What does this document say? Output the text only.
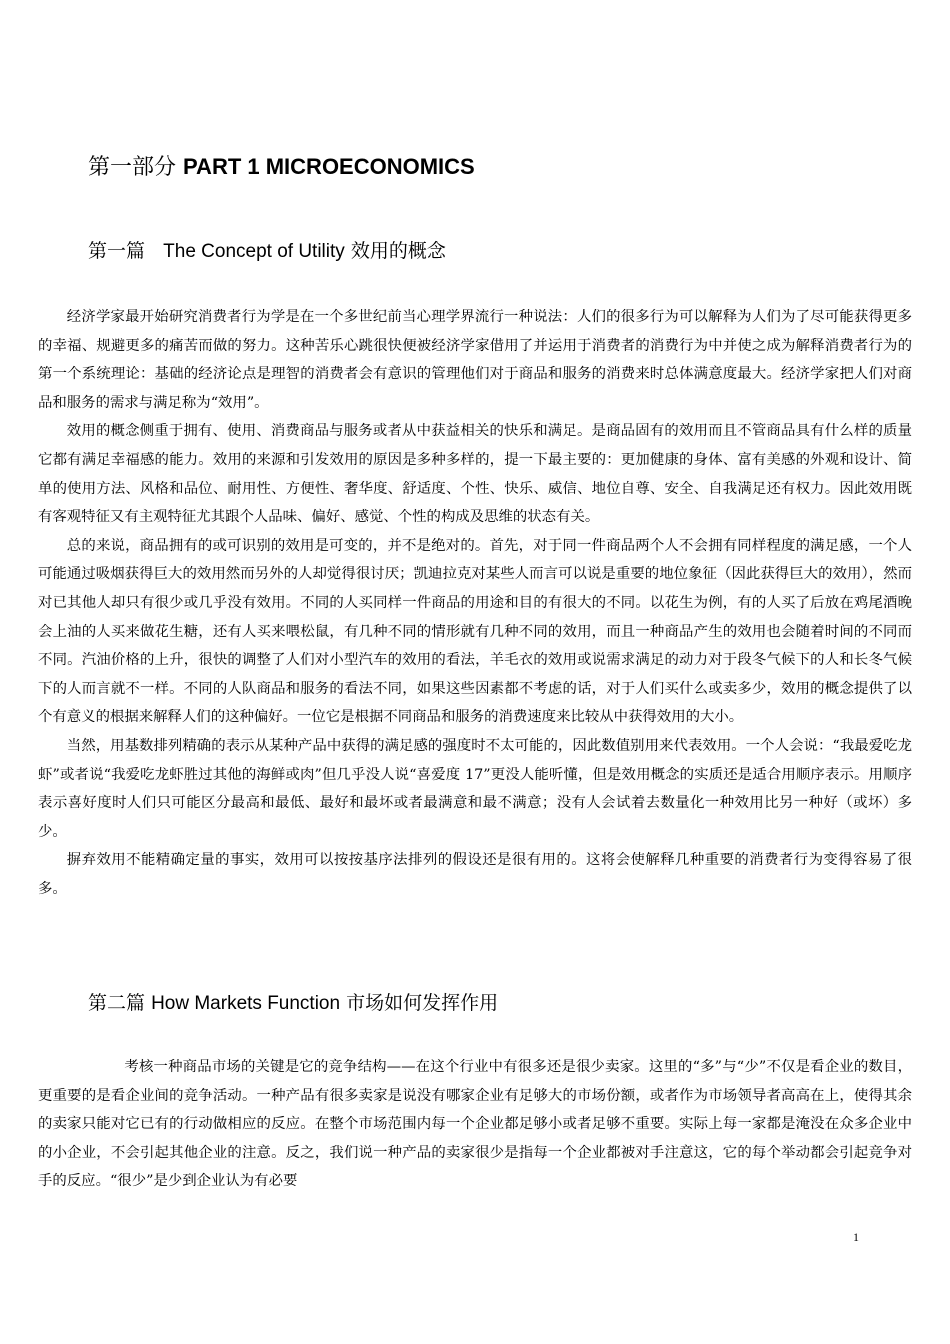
第一部分 PART 1 MICROECONOMICS
第一篇 The Concept of Utility 效用的概念

经济学家最开始研究消费者行为学是在一个多世纪前当心理学界流行一种说法：人们的很多行为可以解释为人们为了尽可能获得更多的幸福、规避更多的痛苦而做的努力。这种苦乐心跳很快便被经济学家借用了并运用于消费者的消费行为中并使之成为解释消费者行为的第一个系统理论：基础的经济论点是理智的消费者会有意识的管理他们对于商品和服务的消费来时总体满意度最大。经济学家把人们对商品和服务的需求与满足称为“效用”。

效用的概念侧重于拥有、使用、消费商品与服务或者从中获益相关的快乐和满足。是商品固有的效用而且不管商品具有什么样的质量它都有满足幸福感的能力。效用的来源和引发效用的原因是多种多样的，提一下最主要的：更加健康的身体、富有美感的外观和设计、简单的使用方法、风格和品位、耐用性、方便性、奢华度、舒适度、个性、快乐、威信、地位自尊、安全、自我满足还有权力。因此效用既有客观特征又有主观特征尤其跟个人品味、偏好、感觉、个性的构成及思维的状态有关。

总的来说，商品拥有的或可识别的效用是可变的，并不是绝对的。首先，对于同一件商品两个人不会拥有同样程度的满足感，一个人可能通过吸烟获得巨大的效用然而另外的人却觉得很讨厌；凯迪拉克对某些人而言可以说是重要的地位象征（因此获得巨大的效用），然而对已其他人却只有很少或几乎没有效用。不同的人买同样一件商品的用途和目的有很大的不同。以花生为例，有的人买了后放在鸡尾酒晚会上油的人买来做花生糖，还有人买来喂松鼠，有几种不同的情形就有几种不同的效用，而且一种商品产生的效用也会随着时间的不同而不同。汽油价格的上升，很快的调整了人们对小型汽车的效用的看法，羊毛衣的效用或说需求满足的动力对于段冬气候下的人和长冬气候下的人而言就不一样。不同的人队商品和服务的看法不同，如果这些因素都不考虑的话，对于人们买什么或卖多少，效用的概念提供了以个有意义的根据来解释人们的这种偏好。一位它是根据不同商品和服务的消费速度来比较从中获得效用的大小。

当然，用基数排列精确的表示从某种产品中获得的满足感的强度时不太可能的，因此数值别用来代表效用。一个人会说：“我最爱吃龙虾”或者说“我爱吃龙虾胜过其他的海鲜或肉”但几乎没人说“喜爱度 17”更没人能听懂，但是效用概念的实质还是适合用顺序表示。用顺序表示喜好度时人们只可能区分最高和最低、最好和最坏或者最满意和最不满意；没有人会试着去数量化一种效用比另一种好（或坏）多少。

摒弃效用不能精确定量的事实，效用可以按按基序法排列的假设还是很有用的。这将会使解释几种重要的消费者行为变得容易了很多。

第二篇 How Markets Function 市场如何发挥作用

考核一种商品市场的关键是它的竞争结构——在这个行业中有很多还是很少卖家。这里的“多”与“少”不仅是看企业的数目，更重要的是看企业间的竞争活动。一种产品有很多卖家是说没有哪家企业有足够大的市场份额，或者作为市场领导者高高在上，使得其余的卖家只能对它已有的行动做相应的反应。在整个市场范围内每一个企业都足够小或者足够不重要。实际上每一家都是淹没在众多企业中的小企业，不会引起其他企业的注意。反之，我们说一种产品的卖家很少是指每一个企业都被对手注意这，它的每个举动都会引起竞争对手的反应。“很少”是少到企业认为有必要

1
